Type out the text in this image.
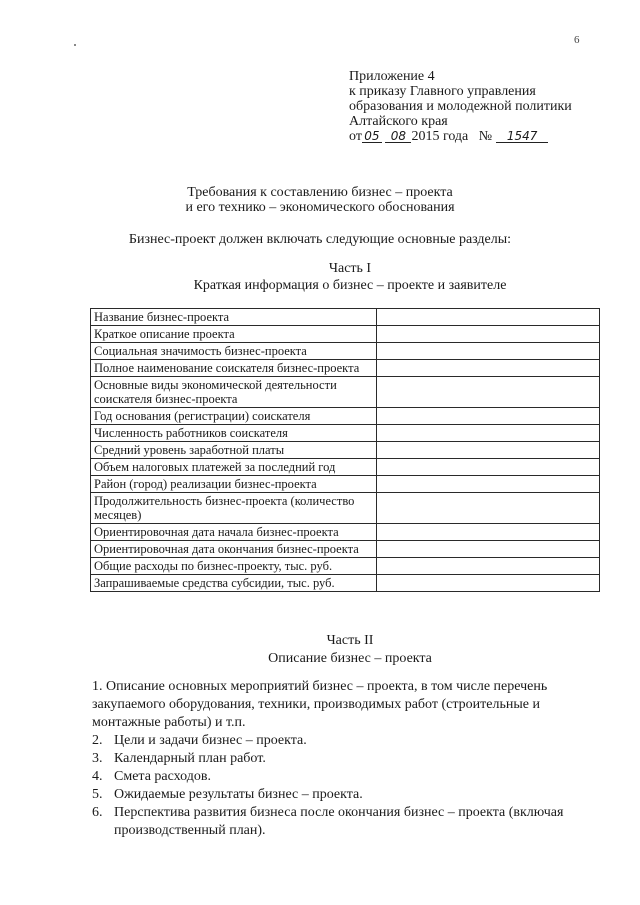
6
Приложение 4
к приказу Главного управления
образования и молодежной политики
Алтайского края
от 05 08 2015 года № 1547
Требования к составлению бизнес – проекта
и его технико – экономического обоснования
Бизнес-проект должен включать следующие основные разделы:
Часть I
Краткая информация о бизнес – проекте и заявителе
Название бизнес-проекта	
Краткое описание проекта	
Социальная значимость бизнес-проекта	
Полное наименование соискателя бизнес-проекта	
Основные виды экономической деятельности соискателя бизнес-проекта	
Год основания (регистрации) соискателя	
Численность работников соискателя	
Средний уровень заработной платы	
Объем налоговых платежей за последний год	
Район (город) реализации бизнес-проекта	
Продолжительность бизнес-проекта (количество месяцев)	
Ориентировочная дата начала бизнес-проекта	
Ориентировочная дата окончания бизнес-проекта	
Общие расходы по бизнес-проекту, тыс. руб.	
Запрашиваемые средства субсидии, тыс. руб.	
Часть II
Описание бизнес – проекта
1. Описание основных мероприятий бизнес – проекта, в том числе перечень закупаемого оборудования, техники, производимых работ (строительные и монтажные работы) и т.п.
2. Цели и задачи бизнес – проекта.
3. Календарный план работ.
4. Смета расходов.
5. Ожидаемые результаты бизнес – проекта.
6. Перспектива развития бизнеса после окончания бизнес – проекта (включая производственный план).
